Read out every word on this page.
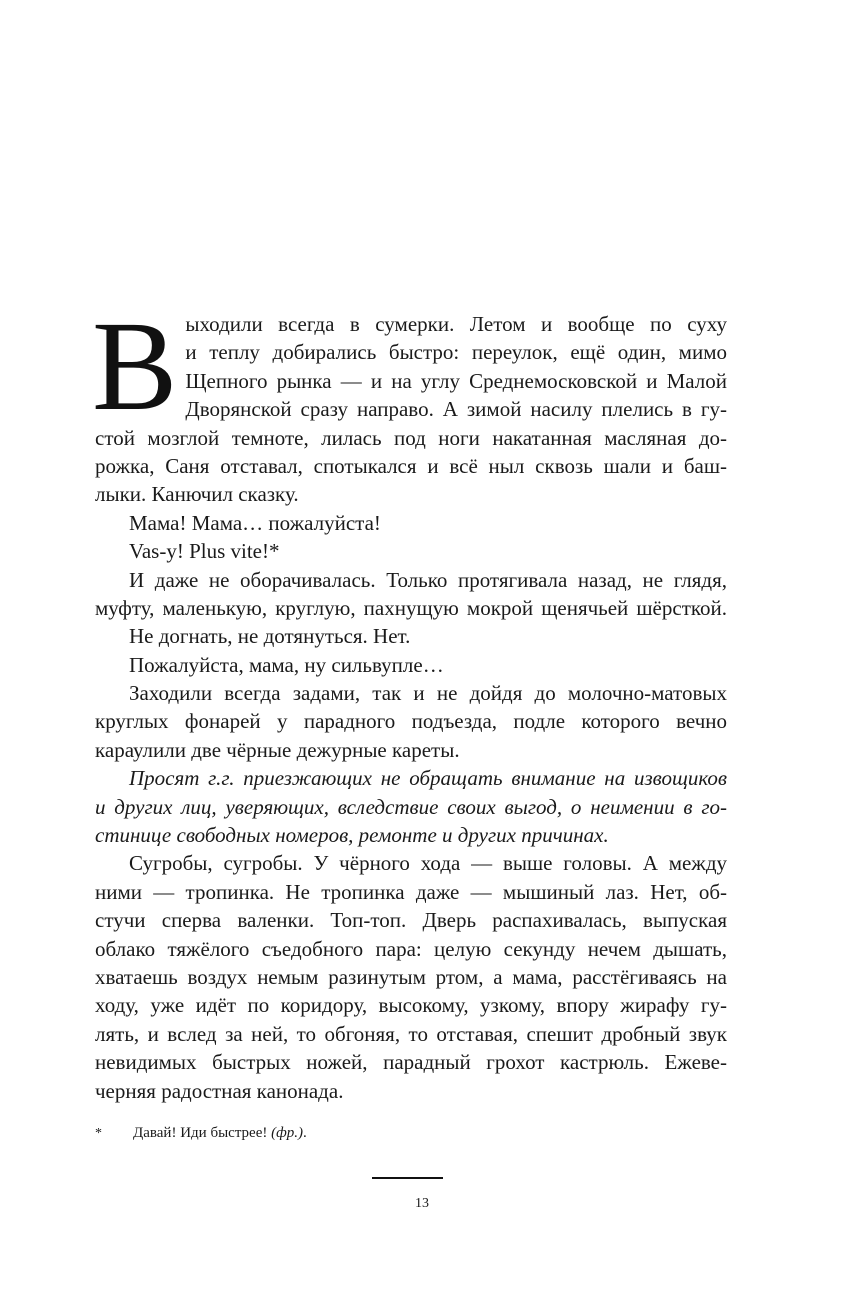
В ыходили всегда в сумерки. Летом и вообще по суху
и теплу добирались быстро: переулок, ещё один, мимо
Щепного рынка — и на углу Среднемосковской и Малой
Дворянской сразу направо. А зимой насилу плелись в гу-
стой мозглой темноте, лилась под ноги накатанная масляная до-
рожка, Саня отставал, спотыкался и всё ныл сквозь шали и баш-
лыки. Канючил сказку.
Мама! Мама… пожалуйста!
Vas-y! Plus vite!*
И даже не оборачивалась. Только протягивала назад, не глядя,
муфту, маленькую, круглую, пахнущую мокрой щенячьей шёрсткой.
Не догнать, не дотянуться. Нет.
Пожалуйста, мама, ну сильвупле…
Заходили всегда задами, так и не дойдя до молочно-матовых
круглых фонарей у парадного подъезда, подле которого вечно
караулили две чёрные дежурные кареты.
Просят г.г. приезжающих не обращать внимание на извощиков
и других лиц, уверяющих, вследствие своих выгод, о неимении в го-
стинице свободных номеров, ремонте и других причинах.
Сугробы, сугробы. У чёрного хода — выше головы. А между
ними — тропинка. Не тропинка даже — мышиный лаз. Нет, об-
стучи сперва валенки. Топ-топ. Дверь распахивалась, выпуская
облако тяжёлого съедобного пара: целую секунду нечем дышать,
хватаешь воздух немым разинутым ртом, а мама, расстёгиваясь на
ходу, уже идёт по коридору, высокому, узкому, впору жирафу гу-
лять, и вслед за ней, то обгоняя, то отставая, спешит дробный звук
невидимых быстрых ножей, парадный грохот кастрюль. Ежеве-
черняя радостная канонада.
* Давай! Иди быстрее! (фр.).
13
